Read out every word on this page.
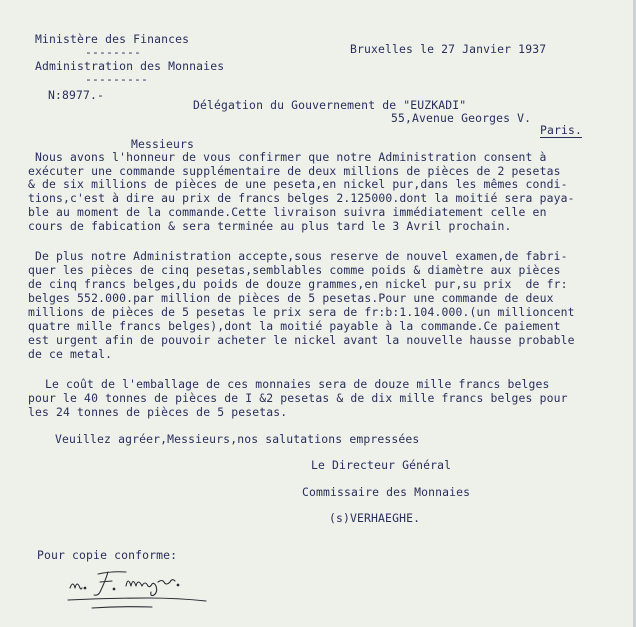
Ministère des Finances
--------
Administration des Monnaies
---------
N:8977.-
Bruxelles le 27 Janvier 1937
Délégation du Gouvernement de "EUZKADI"
55,Avenue Georges V.
Paris.
Messieurs
Nous avons l'honneur de vous confirmer que notre Administration consent à
exécuter une commande supplémentaire de deux millions de pièces de 2 pesetas
& de six millions de pièces de une peseta,en nickel pur,dans les mêmes condi-
tions,c'est à dire au prix de francs belges 2.125000.dont la moitié sera paya-
ble au moment de la commande.Cette livraison suivra immédiatement celle en
cours de fabication & sera terminée au plus tard le 3 Avril prochain.
De plus notre Administration accepte,sous reserve de nouvel examen,de fabri-
quer les pièces de cinq pesetas,semblables comme poids & diamètre aux pièces
de cinq francs belges,du poids de douze grammes,en nickel pur,su prix  de fr:
belges 552.000.par million de pièces de 5 pesetas.Pour une commande de deux
millions de pièces de 5 pesetas le prix sera de fr:b:1.104.000.(un millioncent
quatre mille francs belges),dont la moitié payable à la commande.Ce paiement
est urgent afin de pouvoir acheter le nickel avant la nouvelle hausse probable
de ce metal.
Le coût de l'emballage de ces monnaies sera de douze mille francs belges
pour le 40 tonnes de pièces de I &2 pesetas & de dix mille francs belges pour
les 24 tonnes de pièces de 5 pesetas.
Veuillez agréer,Messieurs,nos salutations empressées
Le Directeur Général
Commissaire des Monnaies
(s)VERHAEGHE.
Pour copie conforme:
